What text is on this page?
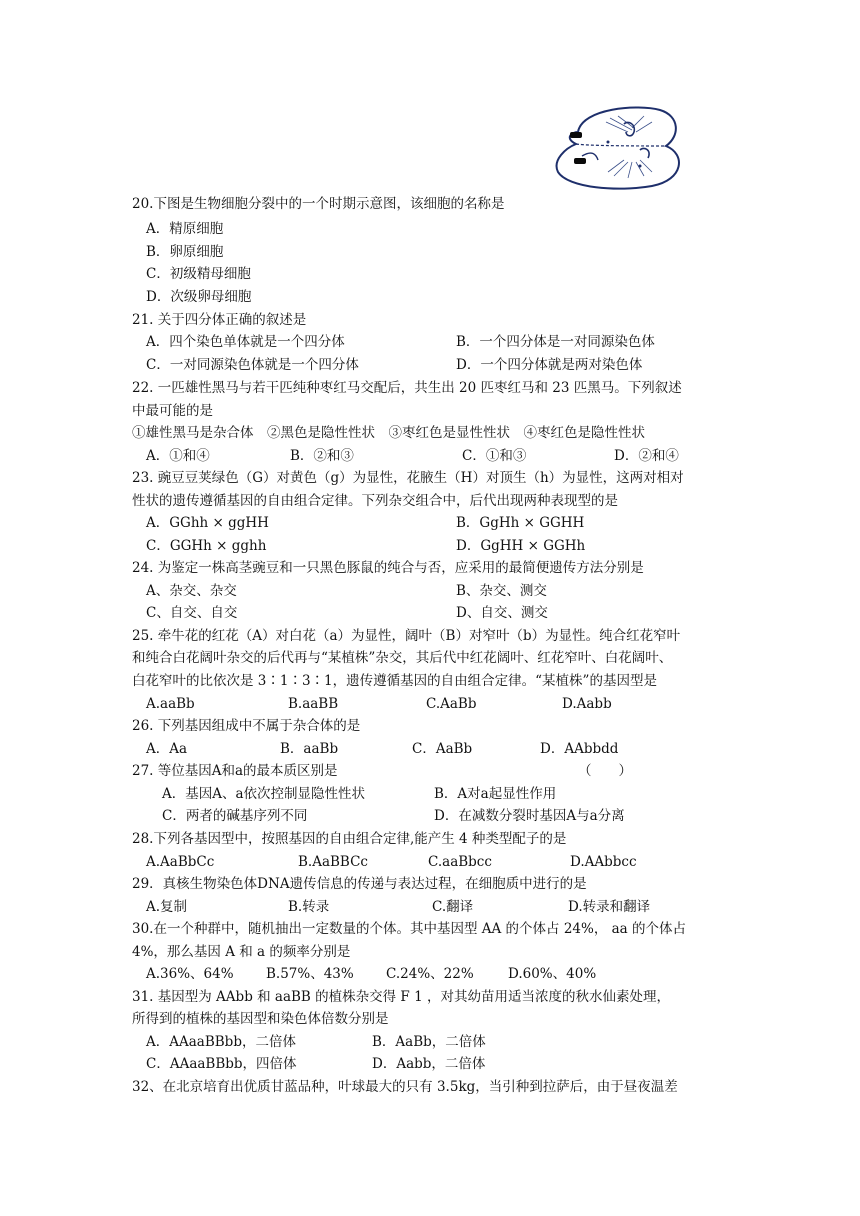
20.下图是生物细胞分裂中的一个时期示意图，该细胞的名称是
A．精原细胞
B．卵原细胞
C．初级精母细胞
D．次级卵母细胞
21. 关于四分体正确的叙述是
A．四个染色单体就是一个四分体	B．一个四分体是一对同源染色体
C．一对同源染色体就是一个四分体	D．一个四分体就是两对染色体
22. 一匹雄性黑马与若干匹纯种枣红马交配后，共生出 20 匹枣红马和 23 匹黑马。下列叙述
中最可能的是
①雄性黑马是杂合体　②黑色是隐性性状　③枣红色是显性性状　④枣红色是隐性性状
A．①和④	B．②和③	C．①和③	D．②和④
23. 豌豆豆荚绿色（G）对黄色（g）为显性，花腋生（H）对顶生（h）为显性，这两对相对
性状的遗传遵循基因的自由组合定律。下列杂交组合中，后代出现两种表现型的是
A．GGhh × ggHH	B．GgHh × GGHH
C．GGHh × gghh	D．GgHH × GGHh
24. 为鉴定一株高茎豌豆和一只黑色豚鼠的纯合与否，应采用的最简便遗传方法分别是
A、杂交、杂交	B、杂交、测交
C、自交、自交	D、自交、测交
25. 牵牛花的红花（A）对白花（a）为显性，阔叶（B）对窄叶（b）为显性。纯合红花窄叶
和纯合白花阔叶杂交的后代再与“某植株”杂交，其后代中红花阔叶、红花窄叶、白花阔叶、
白花窄叶的比依次是 3∶1∶3∶1，遗传遵循基因的自由组合定律。“某植株”的基因型是
A.aaBb	B.aaBB	C.AaBb	D.Aabb
26. 下列基因组成中不属于杂合体的是
A．Aa	B．aaBb	C．AaBb	D．AAbbdd
27. 等位基因A和a的最本质区别是	（　　）
A．基因A、a依次控制显隐性性状	B．A对a起显性作用
C．两者的碱基序列不同	D．在减数分裂时基因A与a分离
28.下列各基因型中，按照基因的自由组合定律,能产生 4 种类型配子的是
A.AaBbCc	B.AaBBCc	C.aaBbcc	D.AAbbcc
29．真核生物染色体DNA遗传信息的传递与表达过程，在细胞质中进行的是
A.复制	B.转录	C.翻译	D.转录和翻译
30.在一个种群中，随机抽出一定数量的个体。其中基因型 AA 的个体占 24%， aa 的个体占
4%，那么基因 A 和 a 的频率分别是
A.36%、64% B.57%、43% C.24%、22%	D.60%、40%
31. 基因型为 AAbb 和 aaBB 的植株杂交得 F 1 ，对其幼苗用适当浓度的秋水仙素处理，
所得到的植株的基因型和染色体倍数分别是
A．AAaaBBbb，二倍体	B．AaBb，二倍体
C．AAaaBBbb，四倍体	D．Aabb，二倍体
32、在北京培育出优质甘蓝品种，叶球最大的只有 3.5kg，当引种到拉萨后，由于昼夜温差
